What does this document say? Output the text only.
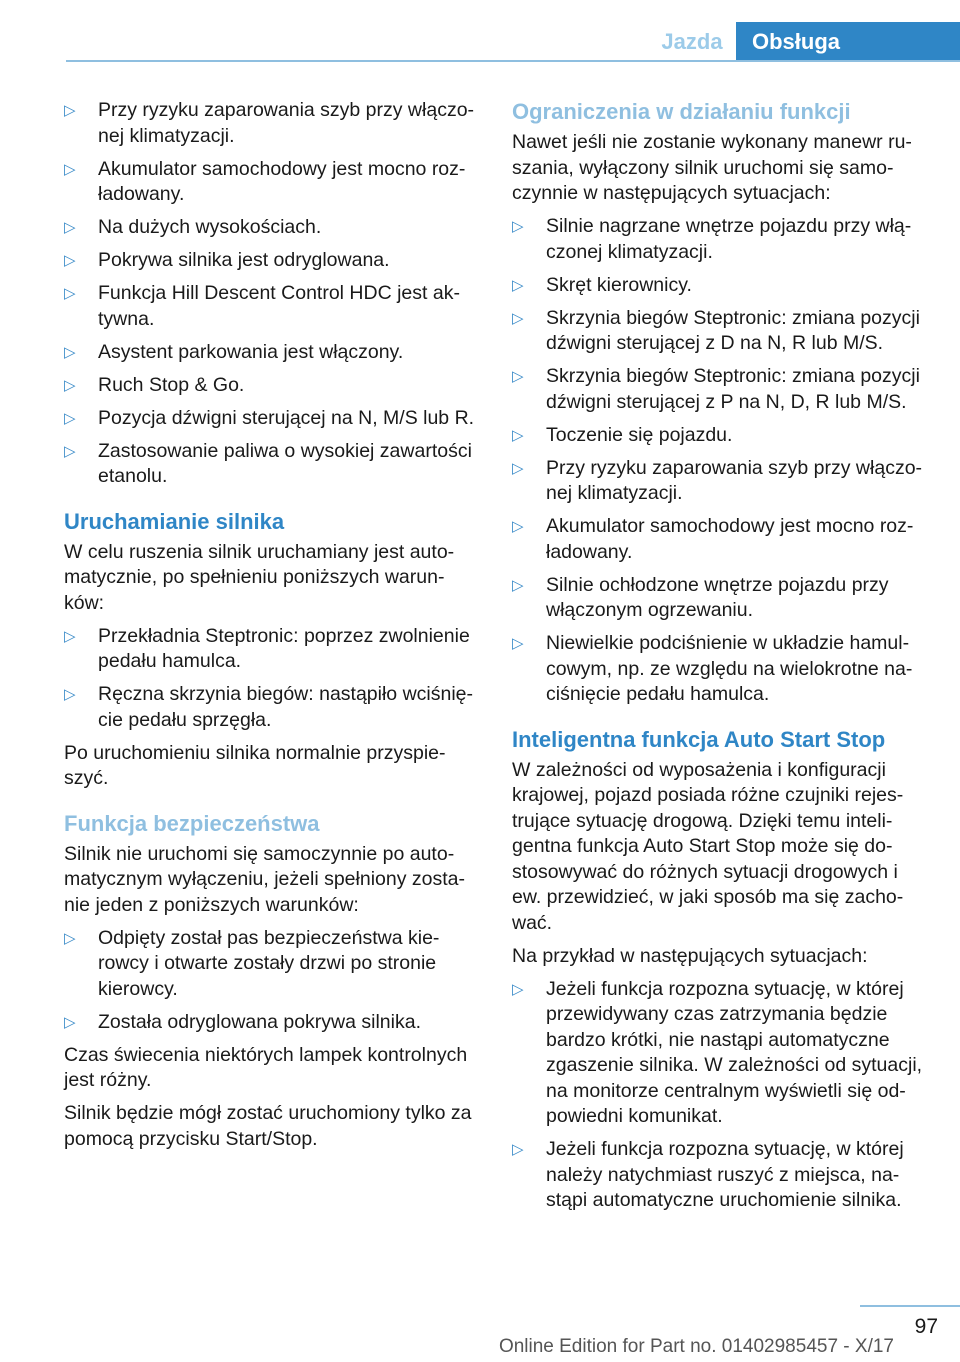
Jazda	Obsługa
▷
Przy ryzyku zaparowania szyb przy włączo-nej klimatyzacji.
▷
Akumulator samochodowy jest mocno roz-ładowany.
▷
Na dużych wysokościach.
▷
Pokrywa silnika jest odryglowana.
▷
Funkcja Hill Descent Control HDC jest ak-tywna.
▷
Asystent parkowania jest włączony.
▷
Ruch Stop & Go.
▷
Pozycja dźwigni sterującej na N, M/S lub R.
▷
Zastosowanie paliwa o wysokiej zawartości etanolu.
Uruchamianie silnika

W celu ruszenia silnik uruchamiany jest auto-matycznie, po spełnieniu poniższych warun-ków:

▷
Przekładnia Steptronic: poprzez zwolnienie pedału hamulca.
▷
Ręczna skrzynia biegów: nastąpiło wciśnię-cie pedału sprzęgła.

Po uruchomieniu silnika normalnie przyspie-szyć.

Funkcja bezpieczeństwa

Silnik nie uruchomi się samoczynnie po auto-matycznym wyłączeniu, jeżeli spełniony zosta-nie jeden z poniższych warunków:

▷
Odpięty został pas bezpieczeństwa kie-rowcy i otwarte zostały drzwi po stronie kierowcy.
▷
Została odryglowana pokrywa silnika.

Czas świecenia niektórych lampek kontrolnych jest różny.

Silnik będzie mógł zostać uruchomiony tylko za pomocą przycisku Start/Stop.

Ograniczenia w działaniu funkcji

Nawet jeśli nie zostanie wykonany manewr ru-szania, wyłączony silnik uruchomi się samo-czynnie w następujących sytuacjach:

▷
Silnie nagrzane wnętrze pojazdu przy włą-czonej klimatyzacji.
▷
Skręt kierownicy.
▷
Skrzynia biegów Steptronic: zmiana pozycji dźwigni sterującej z D na N, R lub M/S.
▷
Skrzynia biegów Steptronic: zmiana pozycji dźwigni sterującej z P na N, D, R lub M/S.
▷
Toczenie się pojazdu.
▷
Przy ryzyku zaparowania szyb przy włączo-nej klimatyzacji.
▷
Akumulator samochodowy jest mocno roz-ładowany.
▷
Silnie ochłodzone wnętrze pojazdu przy włączonym ogrzewaniu.
▷
Niewielkie podciśnienie w układzie hamul-cowym, np. ze względu na wielokrotne na-ciśnięcie pedału hamulca.
Inteligentna funkcja Auto Start Stop

W zależności od wyposażenia i konfiguracji krajowej, pojazd posiada różne czujniki rejes-trujące sytuację drogową. Dzięki temu inteli-gentna funkcja Auto Start Stop może się do-stosowywać do różnych sytuacji drogowych i ew. przewidzieć, w jaki sposób ma się zacho-wać.

Na przykład w następujących sytuacjach:

▷
Jeżeli funkcja rozpozna sytuację, w której przewidywany czas zatrzymania będzie bardzo krótki, nie nastąpi automatyczne zgaszenie silnika. W zależności od sytuacji, na monitorze centralnym wyświetli się od-powiedni komunikat.
▷
Jeżeli funkcja rozpozna sytuację, w której należy natychmiast ruszyć z miejsca, na-stąpi automatyczne uruchomienie silnika.
97
Online Edition for Part no. 01402985457 - X/17
